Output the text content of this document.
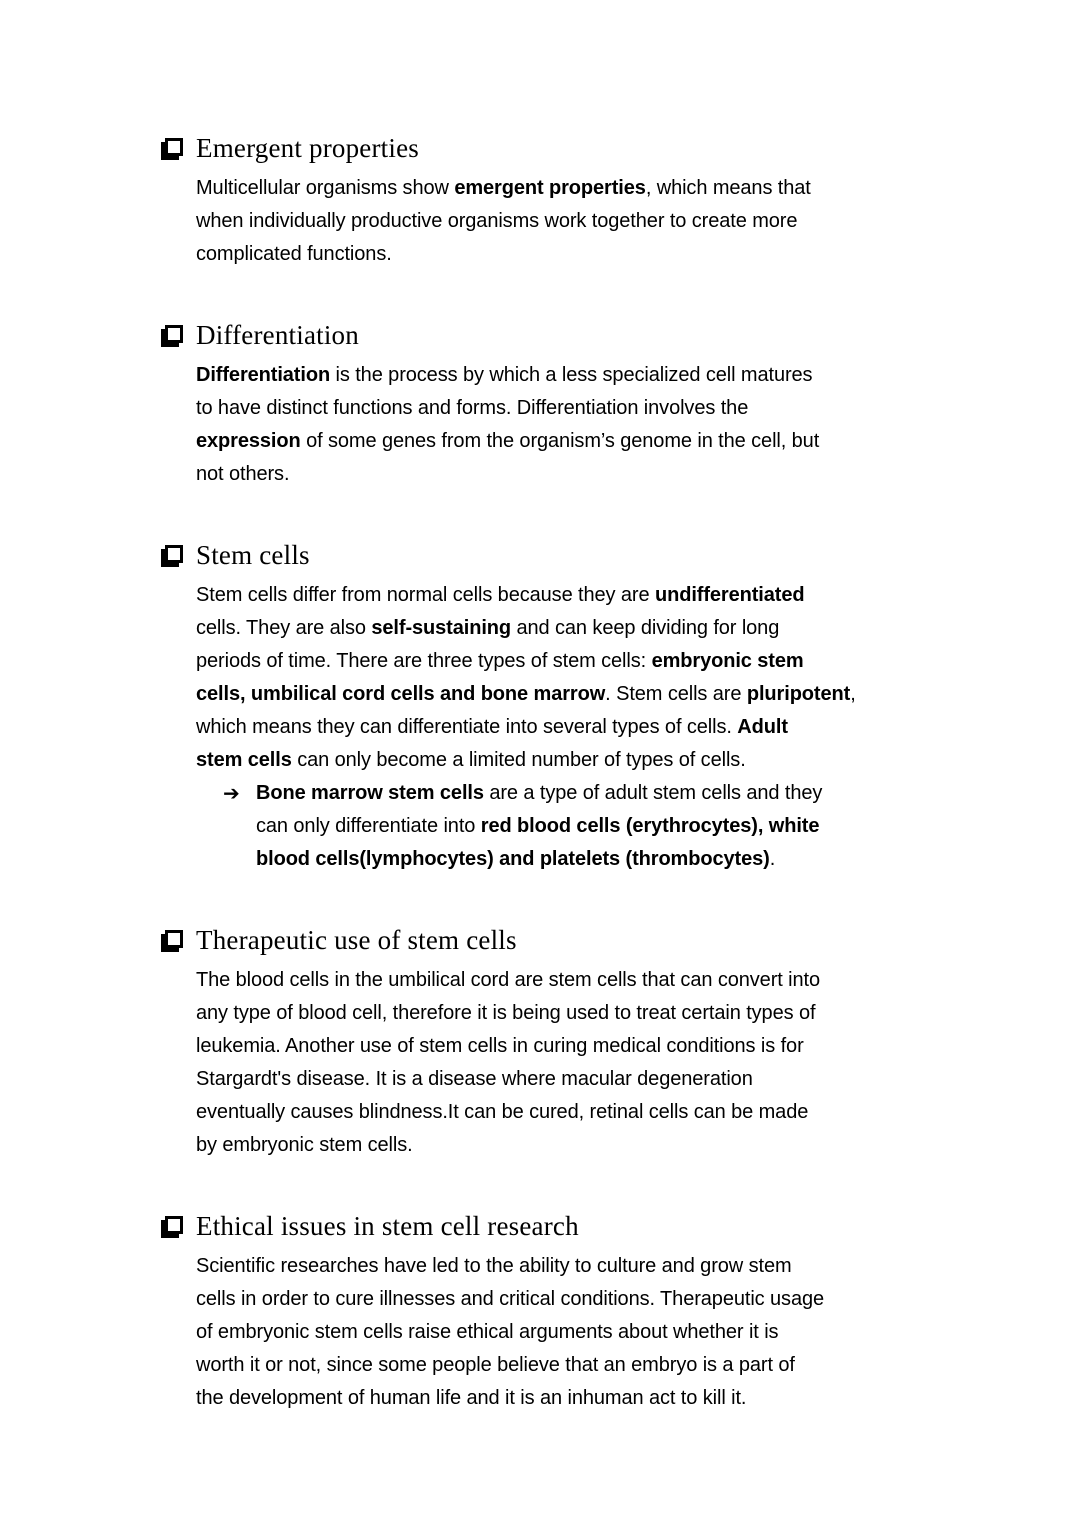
Emergent properties
Multicellular organisms show emergent properties, which means that
when individually productive organisms work together to create more
complicated functions.
Differentiation
Differentiation is the process by which a less specialized cell matures
to have distinct functions and forms. Differentiation involves the
expression of some genes from the organism’s genome in the cell, but
not others.
Stem cells
Stem cells differ from normal cells because they are undifferentiated
cells. They are also self-sustaining and can keep dividing for long
periods of time. There are three types of stem cells: embryonic stem
cells, umbilical cord cells and bone marrow. Stem cells are pluripotent,
which means they can differentiate into several types of cells. Adult
stem cells can only become a limited number of types of cells.
➔ Bone marrow stem cells are a type of adult stem cells and they
can only differentiate into red blood cells (erythrocytes), white
blood cells(lymphocytes) and platelets (thrombocytes).
Therapeutic use of stem cells
The blood cells in the umbilical cord are stem cells that can convert into
any type of blood cell, therefore it is being used to treat certain types of
leukemia. Another use of stem cells in curing medical conditions is for
Stargardt's disease. It is a disease where macular degeneration
eventually causes blindness.It can be cured, retinal cells can be made
by embryonic stem cells.
Ethical issues in stem cell research
Scientific researches have led to the ability to culture and grow stem
cells in order to cure illnesses and critical conditions. Therapeutic usage
of embryonic stem cells raise ethical arguments about whether it is
worth it or not, since some people believe that an embryo is a part of
the development of human life and it is an inhuman act to kill it.
